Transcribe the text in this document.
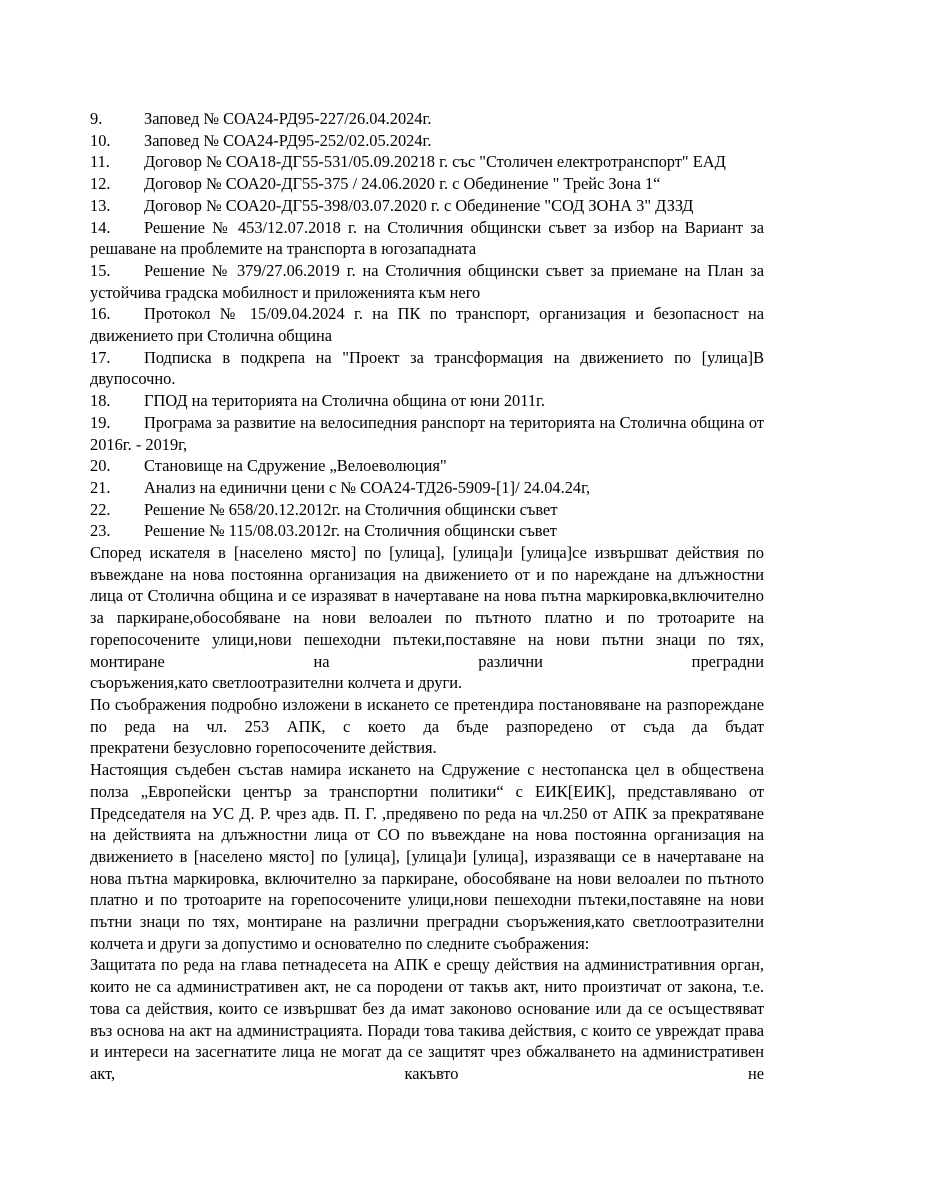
9.	Заповед № СОА24-РД95-227/26.04.2024г.
10.	Заповед № СОА24-РД95-252/02.05.2024г.
11.	Договор № СОА18-ДГ55-531/05.09.20218 г. със "Столичен електротранспорт" ЕАД
12.	Договор № СОА20-ДГ55-375 / 24.06.2020 г. с Обединение " Трейс Зона 1“
13.	Договор № СОА20-ДГ55-398/03.07.2020 г. с Обединение "СОД ЗОНА 3" ДЗЗД
14.	Решение № 453/12.07.2018 г. на Столичния общински съвет за избор на Вариант за решаване на проблемите на транспорта в югозападната
15.	Решение № 379/27.06.2019 г. на Столичния общински съвет за приемане на План за устойчива градска мобилност и приложенията към него
16.	Протокол № 15/09.04.2024 г. на ПК по транспорт, организация и безопасност на движението при Столична община
17.	Подписка в подкрепа на "Проект за трансформация на движението по [улица]В двупосочно.
18.	ГПОД на територията на Столична община от юни 2011г.
19.	Програма за развитие на велосипедния ранспорт на територията на Столична община от 2016г. - 2019г,
20.	Становище на Сдружение „Велоеволюция"
21.	Анализ на единични цени с № СОА24-ТД26-5909-[1]/ 24.04.24г,
22.	Решение № 658/20.12.2012г. на Столичния общински съвет
23.	Решение № 115/08.03.2012г. на Столичния общински съвет

Според искателя в [населено място] по [улица], [улица]и [улица]се извършват действия по въвеждане на нова постоянна организация на движението от и по нареждане на длъжностни лица от Столична община и се изразяват в начертаване на нова пътна маркировка,включително за паркиране,обособяване на нови велоалеи по пътното платно и по тротоарите на горепосочените улици,нови пешеходни пътеки,поставяне на нови пътни знаци по тях, монтиране на различни преградни
съоръжения,като светлоотразителни колчета и други.

По съображения подробно изложени в искането се претендира постановяване на разпореждане по реда на чл. 253 АПК, с което да бъде разпоредено от съда да бъдат
прекратени безусловно горепосочените действия.

Настоящия съдебен състав намира искането на Сдружение с нестопанска цел в обществена полза „Европейски център за транспортни политики“ с ЕИК[ЕИК], представлявано от Председателя на УС Д. Р. чрез адв. П. Г. ,предявено по реда на чл.250 от АПК за прекратяване на действията на длъжностни лица от СО по въвеждане на нова постоянна организация на движението в [населено място] по [улица], [улица]и [улица], изразяващи се в начертаване на нова пътна маркировка, включително за паркиране, обособяване на нови велоалеи по пътното платно и по тротоарите на горепосочените улици,нови пешеходни пътеки,поставяне на нови пътни знаци по тях, монтиране на различни преградни съоръжения,като светлоотразителни
колчета и други за допустимо и основателно по следните съображения:

Защитата по реда на глава петнадесета на АПК е срещу действия на административния орган, които не са административен акт, не са породени от такъв акт, нито произтичат от закона, т.е. това са действия, които се извършват без да имат законово основание или да се осъществяват въз основа на акт на администрацията. Поради това такива действия, с които се увреждат права и интереси на засегнатите лица не могат да се защитят чрез обжалването на административен акт, какъвто не
